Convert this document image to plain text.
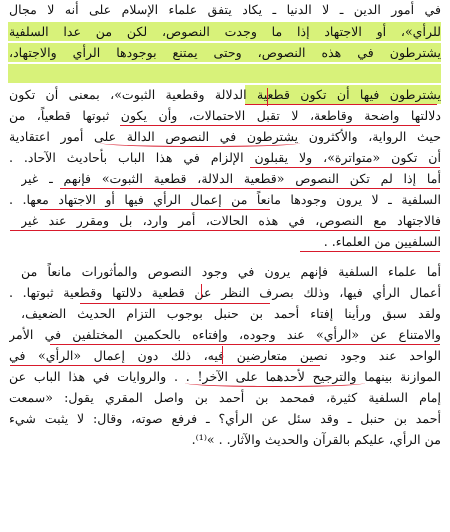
في أمور الدين ـ لا الدنيا ـ يكاد يتفق علماء الإسلام على أنه لا مجال
للرأي»، أو الاجتهاد إذا ما وجدت النصوص، لكن من عدا السلفية
يشترطون في هذه النصوص، وحتى يمتنع بوجودها الرأي والاجتهاد،
يشترطون فيها أن تكون قطعية الدلالة وقطعية الثبوت»، بمعنى أن تكون
دلالتها واضحة وقاطعة، لا تقبل الاحتمالات، وأن يكون ثبوتها قطعياً، من
حيث الرواية، والأكثرون يشترطون في النصوص الدالة على أمور اعتقادية
أن تكون «متواترة»، ولا يقبلون الإلزام في هذا الباب بأحاديث الآحاد. .
أما إذا لم تكن النصوص «قطعية الدلالة، قطعية الثبوت» فإنهم ـ غير
السلفية ـ لا يرون وجودها مانعاً من إعمال الرأي فيها أو الاجتهاد معها. .
فالاجتهاد مع النصوص، في هذه الحالات، أمر وارد، بل ومقرر عند غير
السلفيين من العلماء. .
أما علماء السلفية فإنهم يرون في وجود النصوص والمأثورات مانعاً من
أعمال الرأي فيها، وذلك بصرف النظر عن قطعية دلالتها وقطعية ثبوتها. .
ولقد سبق ورأينا إفتاء أحمد بن حنبل بوجوب التزام الحديث الضعيف،
والامتناع عن «الرأي» عند وجوده، وإفتاءه بالحكمين المختلفين في الأمر
الواحد عند وجود نصين متعارضين فيه، ذلك دون إعمال «الرأي» في
الموازنة بينهما والترجيح لأحدهما على الآخر! . . والروايات في هذا الباب عن
إمام السلفية كثيرة، فمحمد بن أحمد بن واصل المقري يقول: «سمعت
أحمد بن حنبل ـ وقد سئل عن الرأي؟ ـ فرفع صوته، وقال: لا يثبت شيء
من الرأي، عليكم بالقرآن والحديث والآثار. . »⁽¹⁾.
